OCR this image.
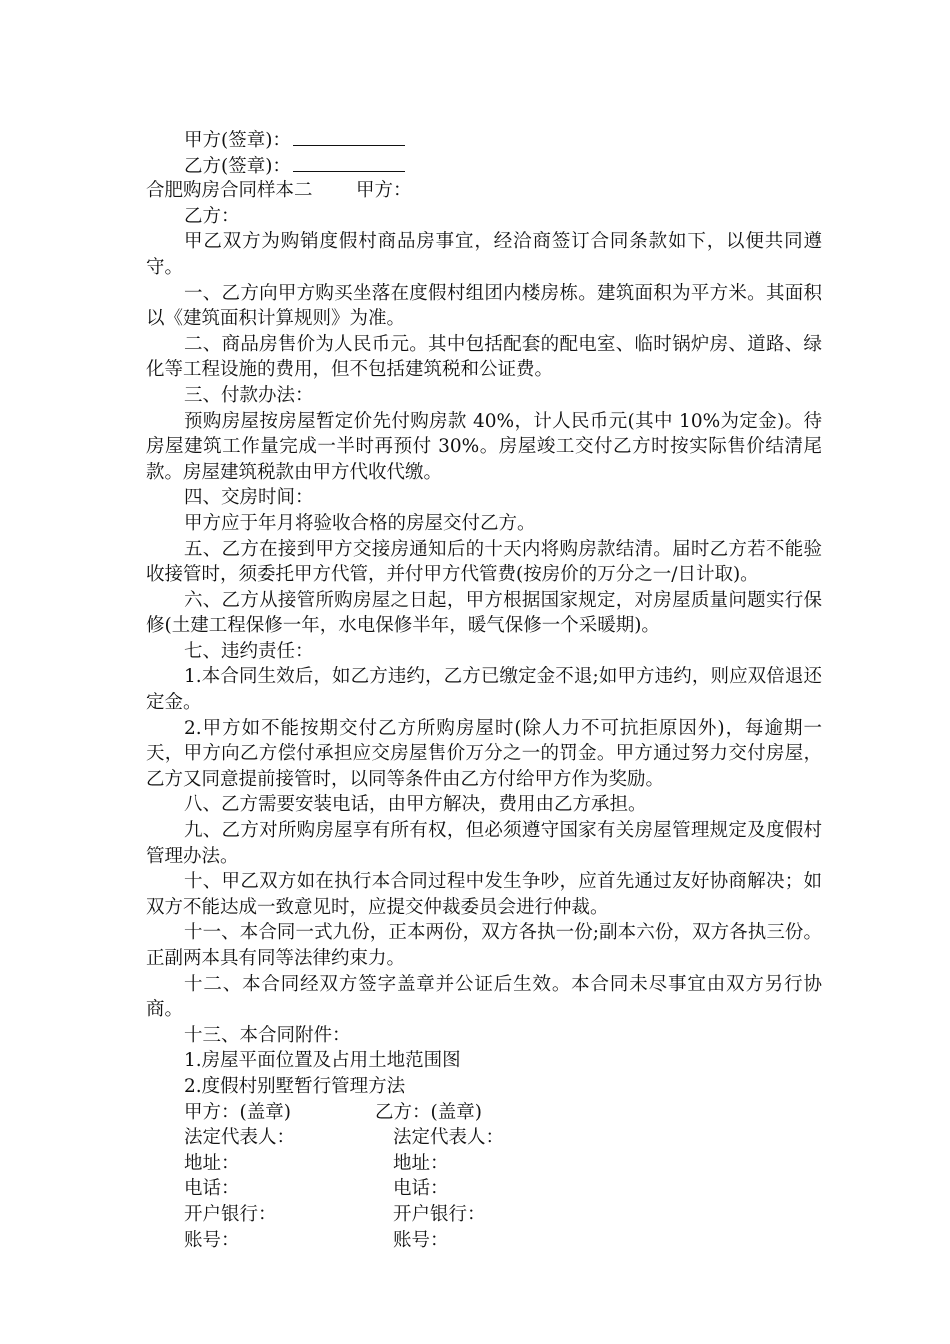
甲方(签章)：
乙方(签章)：
合肥购房合同样本二 甲方：
乙方：

甲乙双方为购销度假村商品房事宜，经洽商签订合同条款如下，以便共同遵守。

一、乙方向甲方购买坐落在度假村组团内楼房栋。建筑面积为平方米。其面积以《建筑面积计算规则》为准。

二、商品房售价为人民币元。其中包括配套的配电室、临时锅炉房、道路、绿化等工程设施的费用，但不包括建筑税和公证费。

三、付款办法：

预购房屋按房屋暂定价先付购房款 40%，计人民币元(其中 10%为定金)。待房屋建筑工作量完成一半时再预付 30%。房屋竣工交付乙方时按实际售价结清尾款。房屋建筑税款由甲方代收代缴。

四、交房时间：

甲方应于年月将验收合格的房屋交付乙方。

五、乙方在接到甲方交接房通知后的十天内将购房款结清。届时乙方若不能验收接管时，须委托甲方代管，并付甲方代管费(按房价的万分之一/日计取)。

六、乙方从接管所购房屋之日起，甲方根据国家规定，对房屋质量问题实行保修(土建工程保修一年，水电保修半年，暖气保修一个采暖期)。

七、违约责任：

1.本合同生效后，如乙方违约，乙方已缴定金不退;如甲方违约，则应双倍退还定金。

2.甲方如不能按期交付乙方所购房屋时(除人力不可抗拒原因外)，每逾期一天，甲方向乙方偿付承担应交房屋售价万分之一的罚金。甲方通过努力交付房屋，乙方又同意提前接管时，以同等条件由乙方付给甲方作为奖励。

八、乙方需要安装电话，由甲方解决，费用由乙方承担。

九、乙方对所购房屋享有所有权，但必须遵守国家有关房屋管理规定及度假村管理办法。

十、甲乙双方如在执行本合同过程中发生争吵，应首先通过友好协商解决；如双方不能达成一致意见时，应提交仲裁委员会进行仲裁。

十一、本合同一式九份，正本两份，双方各执一份;副本六份，双方各执三份。正副两本具有同等法律约束力。

十二、本合同经双方签字盖章并公证后生效。本合同未尽事宜由双方另行协商。

十三、本合同附件：

1.房屋平面位置及占用土地范围图

2.度假村别墅暂行管理方法

甲方：(盖章)	乙方：(盖章)
法定代表人：	法定代表人：
地址：	地址：
电话：	电话：
开户银行：	开户银行：
账号：	账号：
